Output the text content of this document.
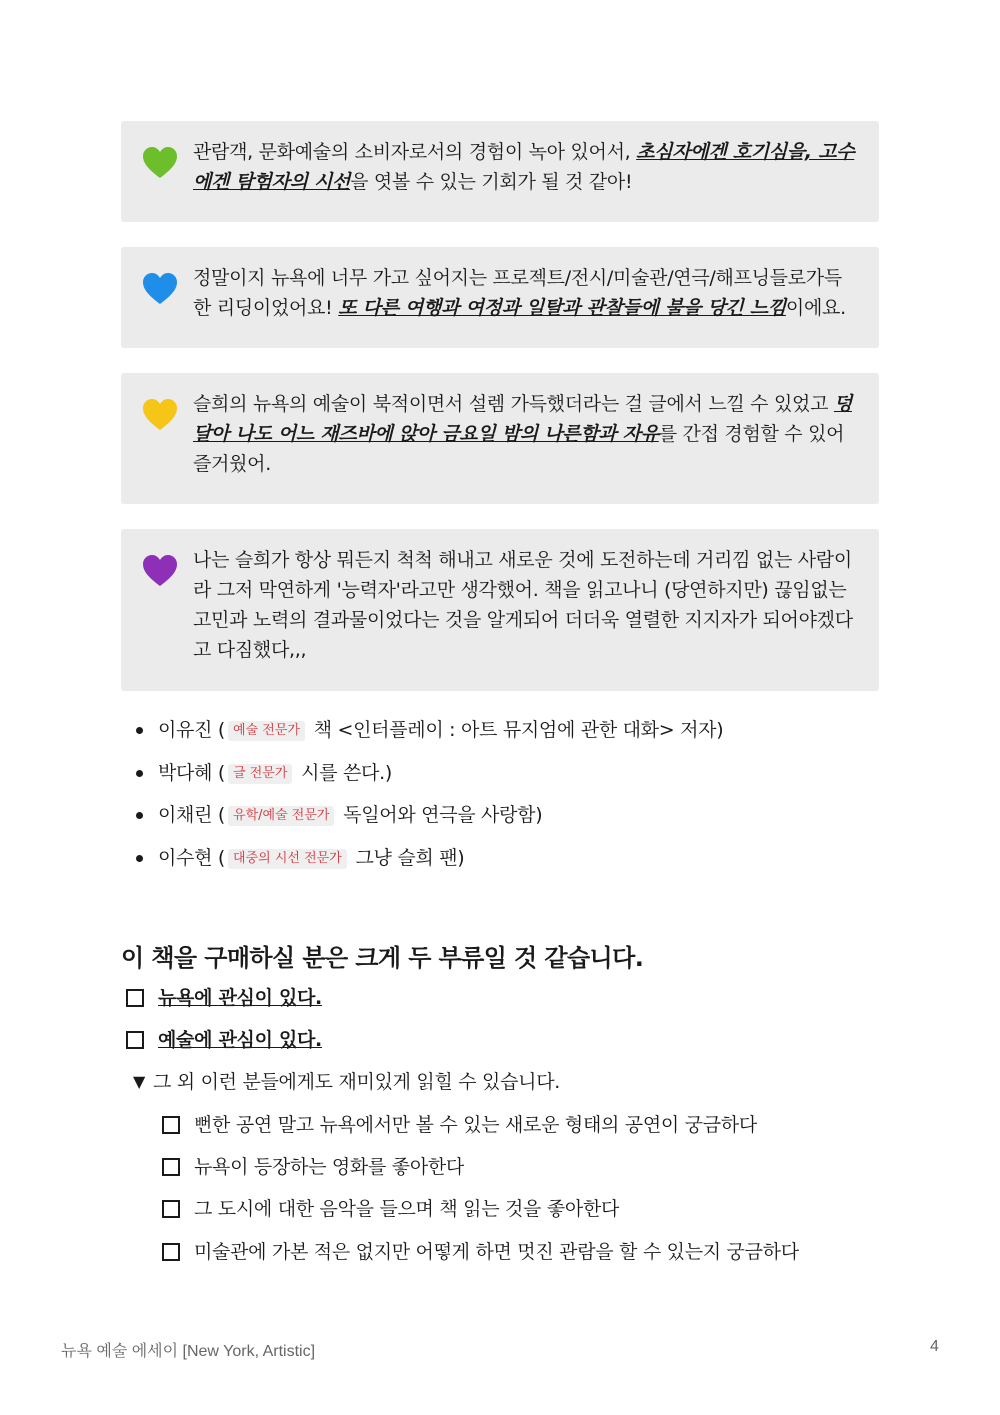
관람객, 문화예술의 소비자로서의 경험이 녹아 있어서, 초심자에겐 호기심을, 고수에겐 탐험자의 시선을 엿볼 수 있는 기회가 될 것 같아!
정말이지 뉴욕에 너무 가고 싶어지는 프로젝트/전시/미술관/연극/해프닝들로가득한 리딩이었어요! 또 다른 여행과 여정과 일탈과 관찰들에 불을 당긴 느낌이에요.
슬희의 뉴욕의 예술이 북적이면서 설렘 가득했더라는 걸 글에서 느낄 수 있었고 덩달아 나도 어느 재즈바에 앉아 금요일 밤의 나른함과 자유를 간접 경험할 수 있어 즐거웠어.
나는 슬희가 항상 뭐든지 척척 해내고 새로운 것에 도전하는데 거리낌 없는 사람이라 그저 막연하게 '능력자'라고만 생각했어. 책을 읽고나니 (당연하지만) 끊임없는 고민과 노력의 결과물이었다는 것을 알게되어 더더욱 열렬한 지지자가 되어야겠다고 다짐했다,,,
이유진 ( 예술 전문가 책 <인터플레이 : 아트 뮤지엄에 관한 대화> 저자)
박다혜 ( 글 전문가 시를 쓴다.)
이채린 ( 유학/예술 전문가 독일어와 연극을 사랑함)
이수현 ( 대중의 시선 전문가 그냥 슬희 팬)
이 책을 구매하실 분은 크게 두 부류일 것 같습니다.
뉴욕에 관심이 있다.
예술에 관심이 있다.
▼ 그 외 이런 분들에게도 재미있게 읽힐 수 있습니다.
뻔한 공연 말고 뉴욕에서만 볼 수 있는 새로운 형태의 공연이 궁금하다
뉴욕이 등장하는 영화를 좋아한다
그 도시에 대한 음악을 들으며 책 읽는 것을 좋아한다
미술관에 가본 적은 없지만 어떻게 하면 멋진 관람을 할 수 있는지 궁금하다
뉴욕 예술 에세이 [New York, Artistic]	4
